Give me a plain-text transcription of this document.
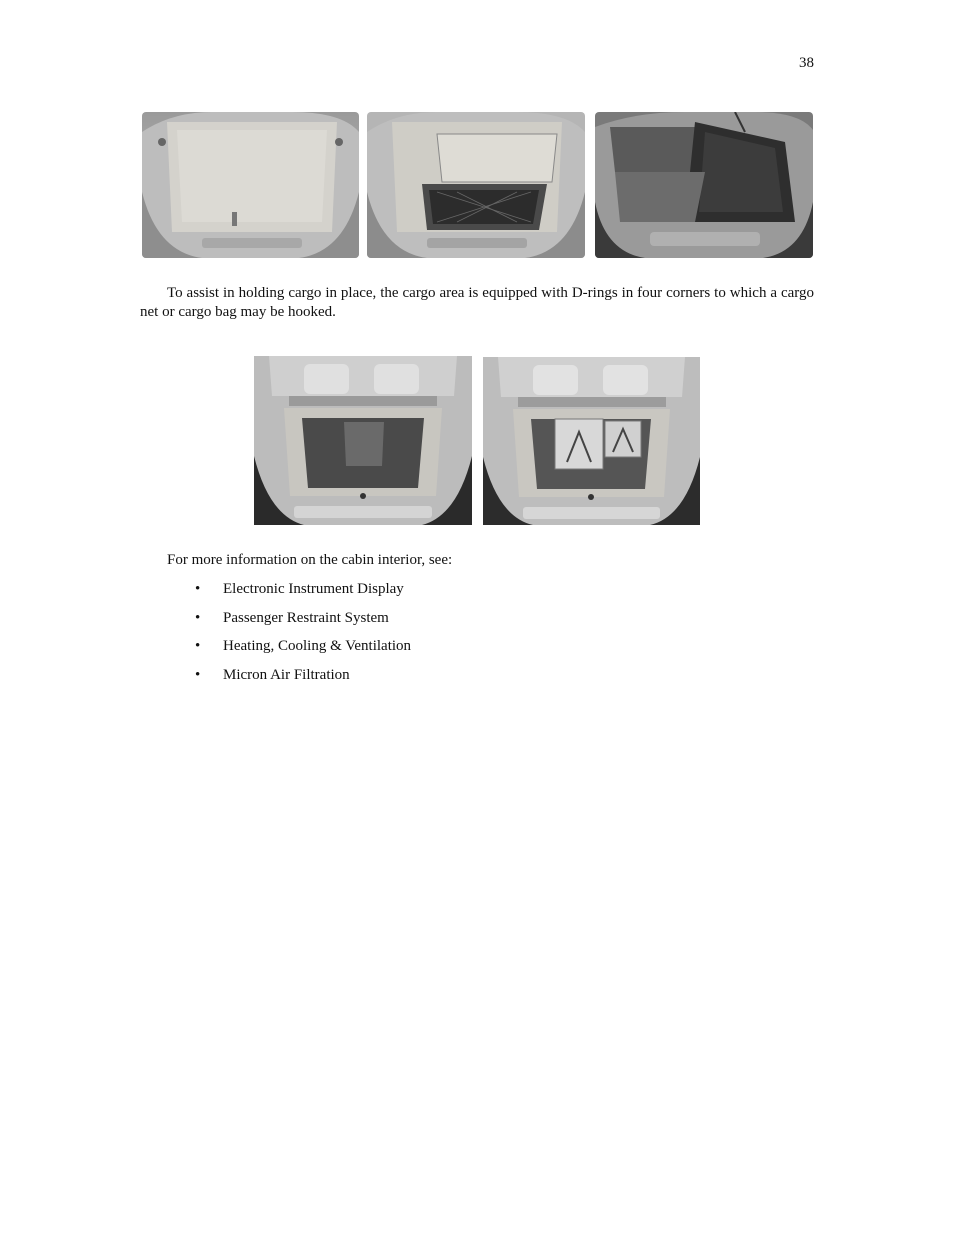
38

To assist in holding cargo in place, the cargo area is equipped with D-rings in four corners to which a cargo net or cargo bag may be hooked.

For more information on the cabin interior, see:

• Electronic Instrument Display
• Passenger Restraint System
• Heating, Cooling & Ventilation
• Micron Air Filtration
